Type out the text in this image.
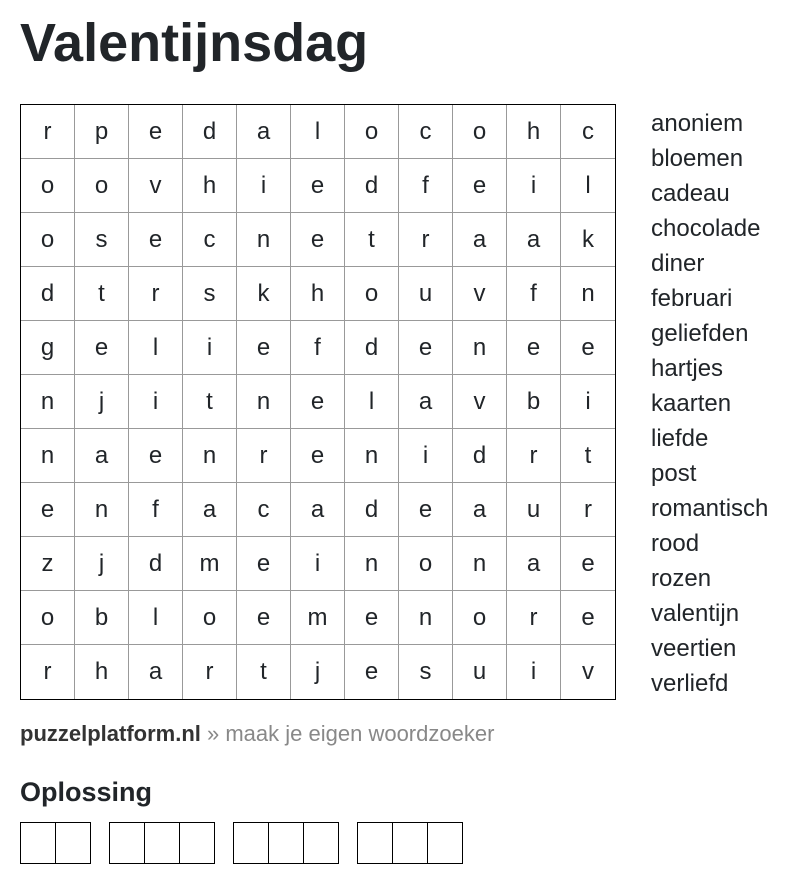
Valentijnsdag
r	p	e	d	a	l	o	c	o	h	c
o	o	v	h	i	e	d	f	e	i	l
o	s	e	c	n	e	t	r	a	a	k
d	t	r	s	k	h	o	u	v	f	n
g	e	l	i	e	f	d	e	n	e	e
n	j	i	t	n	e	l	a	v	b	i
n	a	e	n	r	e	n	i	d	r	t
e	n	f	a	c	a	d	e	a	u	r
z	j	d	m	e	i	n	o	n	a	e
o	b	l	o	e	m	e	n	o	r	e
r	h	a	r	t	j	e	s	u	i	v
anoniem
bloemen
cadeau
chocolade
diner
februari
geliefden
hartjes
kaarten
liefde
post
romantisch
rood
rozen
valentijn
veertien
verliefd
puzzelplatform.nl » maak je eigen woordzoeker
Oplossing
